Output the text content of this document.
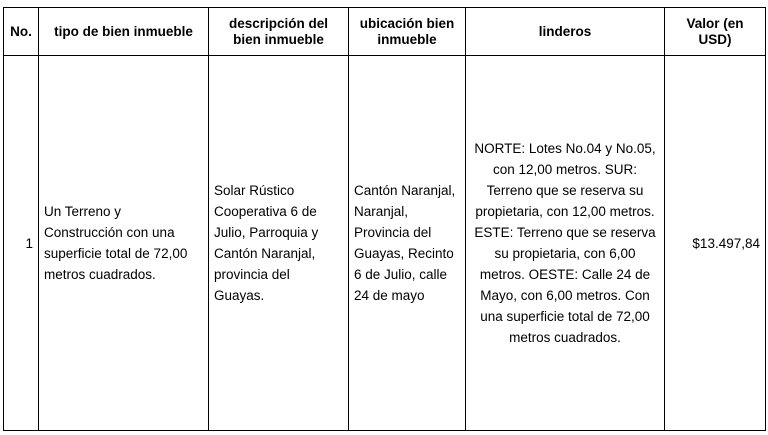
No.	tipo de bien inmueble	descripción del bien inmueble	ubicación bien inmueble	linderos	Valor (en USD)
1	Un Terreno y Construcción con una superficie total de 72,00 metros cuadrados.	Solar Rústico Cooperativa 6 de Julio, Parroquia y Cantón Naranjal, provincia del Guayas.	Cantón Naranjal, Naranjal, Provincia del Guayas, Recinto 6 de Julio, calle 24 de mayo	NORTE: Lotes No.04 y No.05, con 12,00 metros. SUR: Terreno que se reserva su propietaria, con 12,00 metros. ESTE: Terreno que se reserva su propietaria, con 6,00 metros. OESTE: Calle 24 de Mayo, con 6,00 metros. Con una superficie total de 72,00 metros cuadrados.	$13.497,84
